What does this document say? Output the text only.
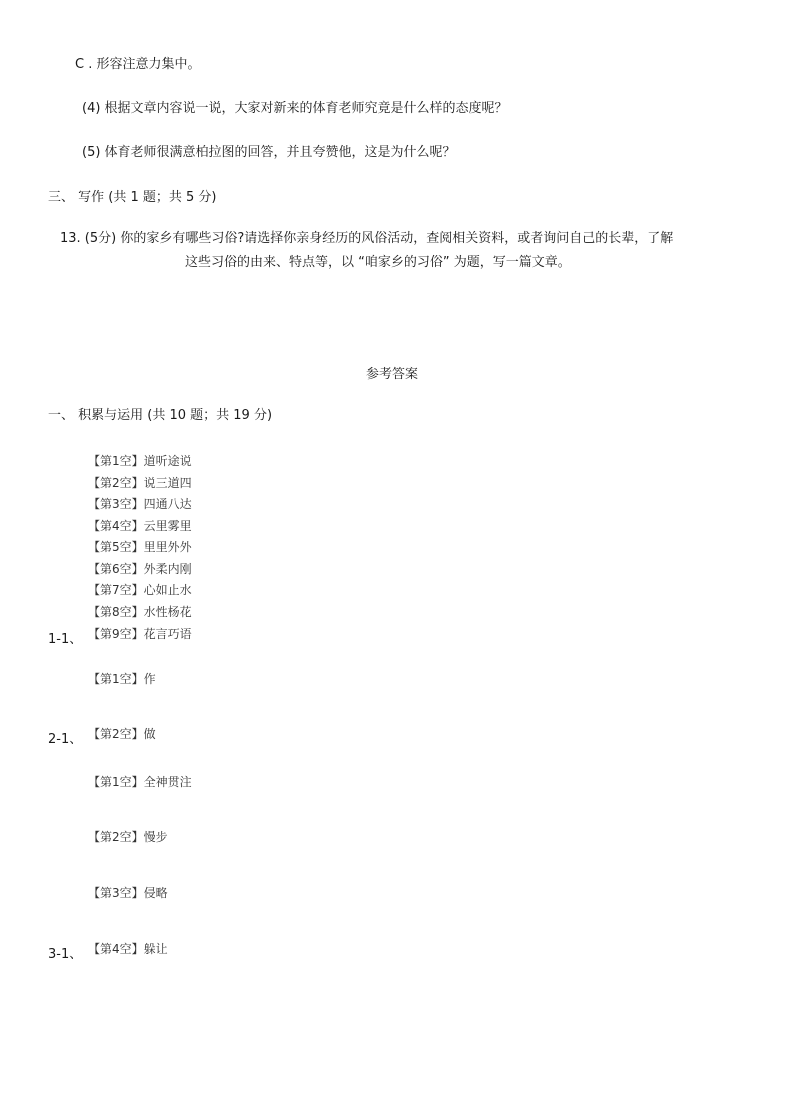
C . 形容注意力集中。
(4) 根据文章内容说一说，大家对新来的体育老师究竟是什么样的态度呢？
(5) 体育老师很满意柏拉图的回答，并且夸赞他，这是为什么呢？
三、 写作 (共 1 题；共 5 分)
13. (5分) 你的家乡有哪些习俗?请选择你亲身经历的风俗活动，查阅相关资料，或者询问自己的长辈，了解
这些习俗的由来、特点等，以 “咱家乡的习俗” 为题，写一篇文章。
参考答案
一、 积累与运用 (共 10 题；共 19 分)
【第1空】道听途说
【第2空】说三道四
【第3空】四通八达
【第4空】云里雾里
【第5空】里里外外
【第6空】外柔内刚
【第7空】心如止水
【第8空】水性杨花
【第9空】花言巧语
1-1、
【第1空】作
【第2空】做
2-1、
【第1空】全神贯注
【第2空】慢步
【第3空】侵略
【第4空】躲让
3-1、
